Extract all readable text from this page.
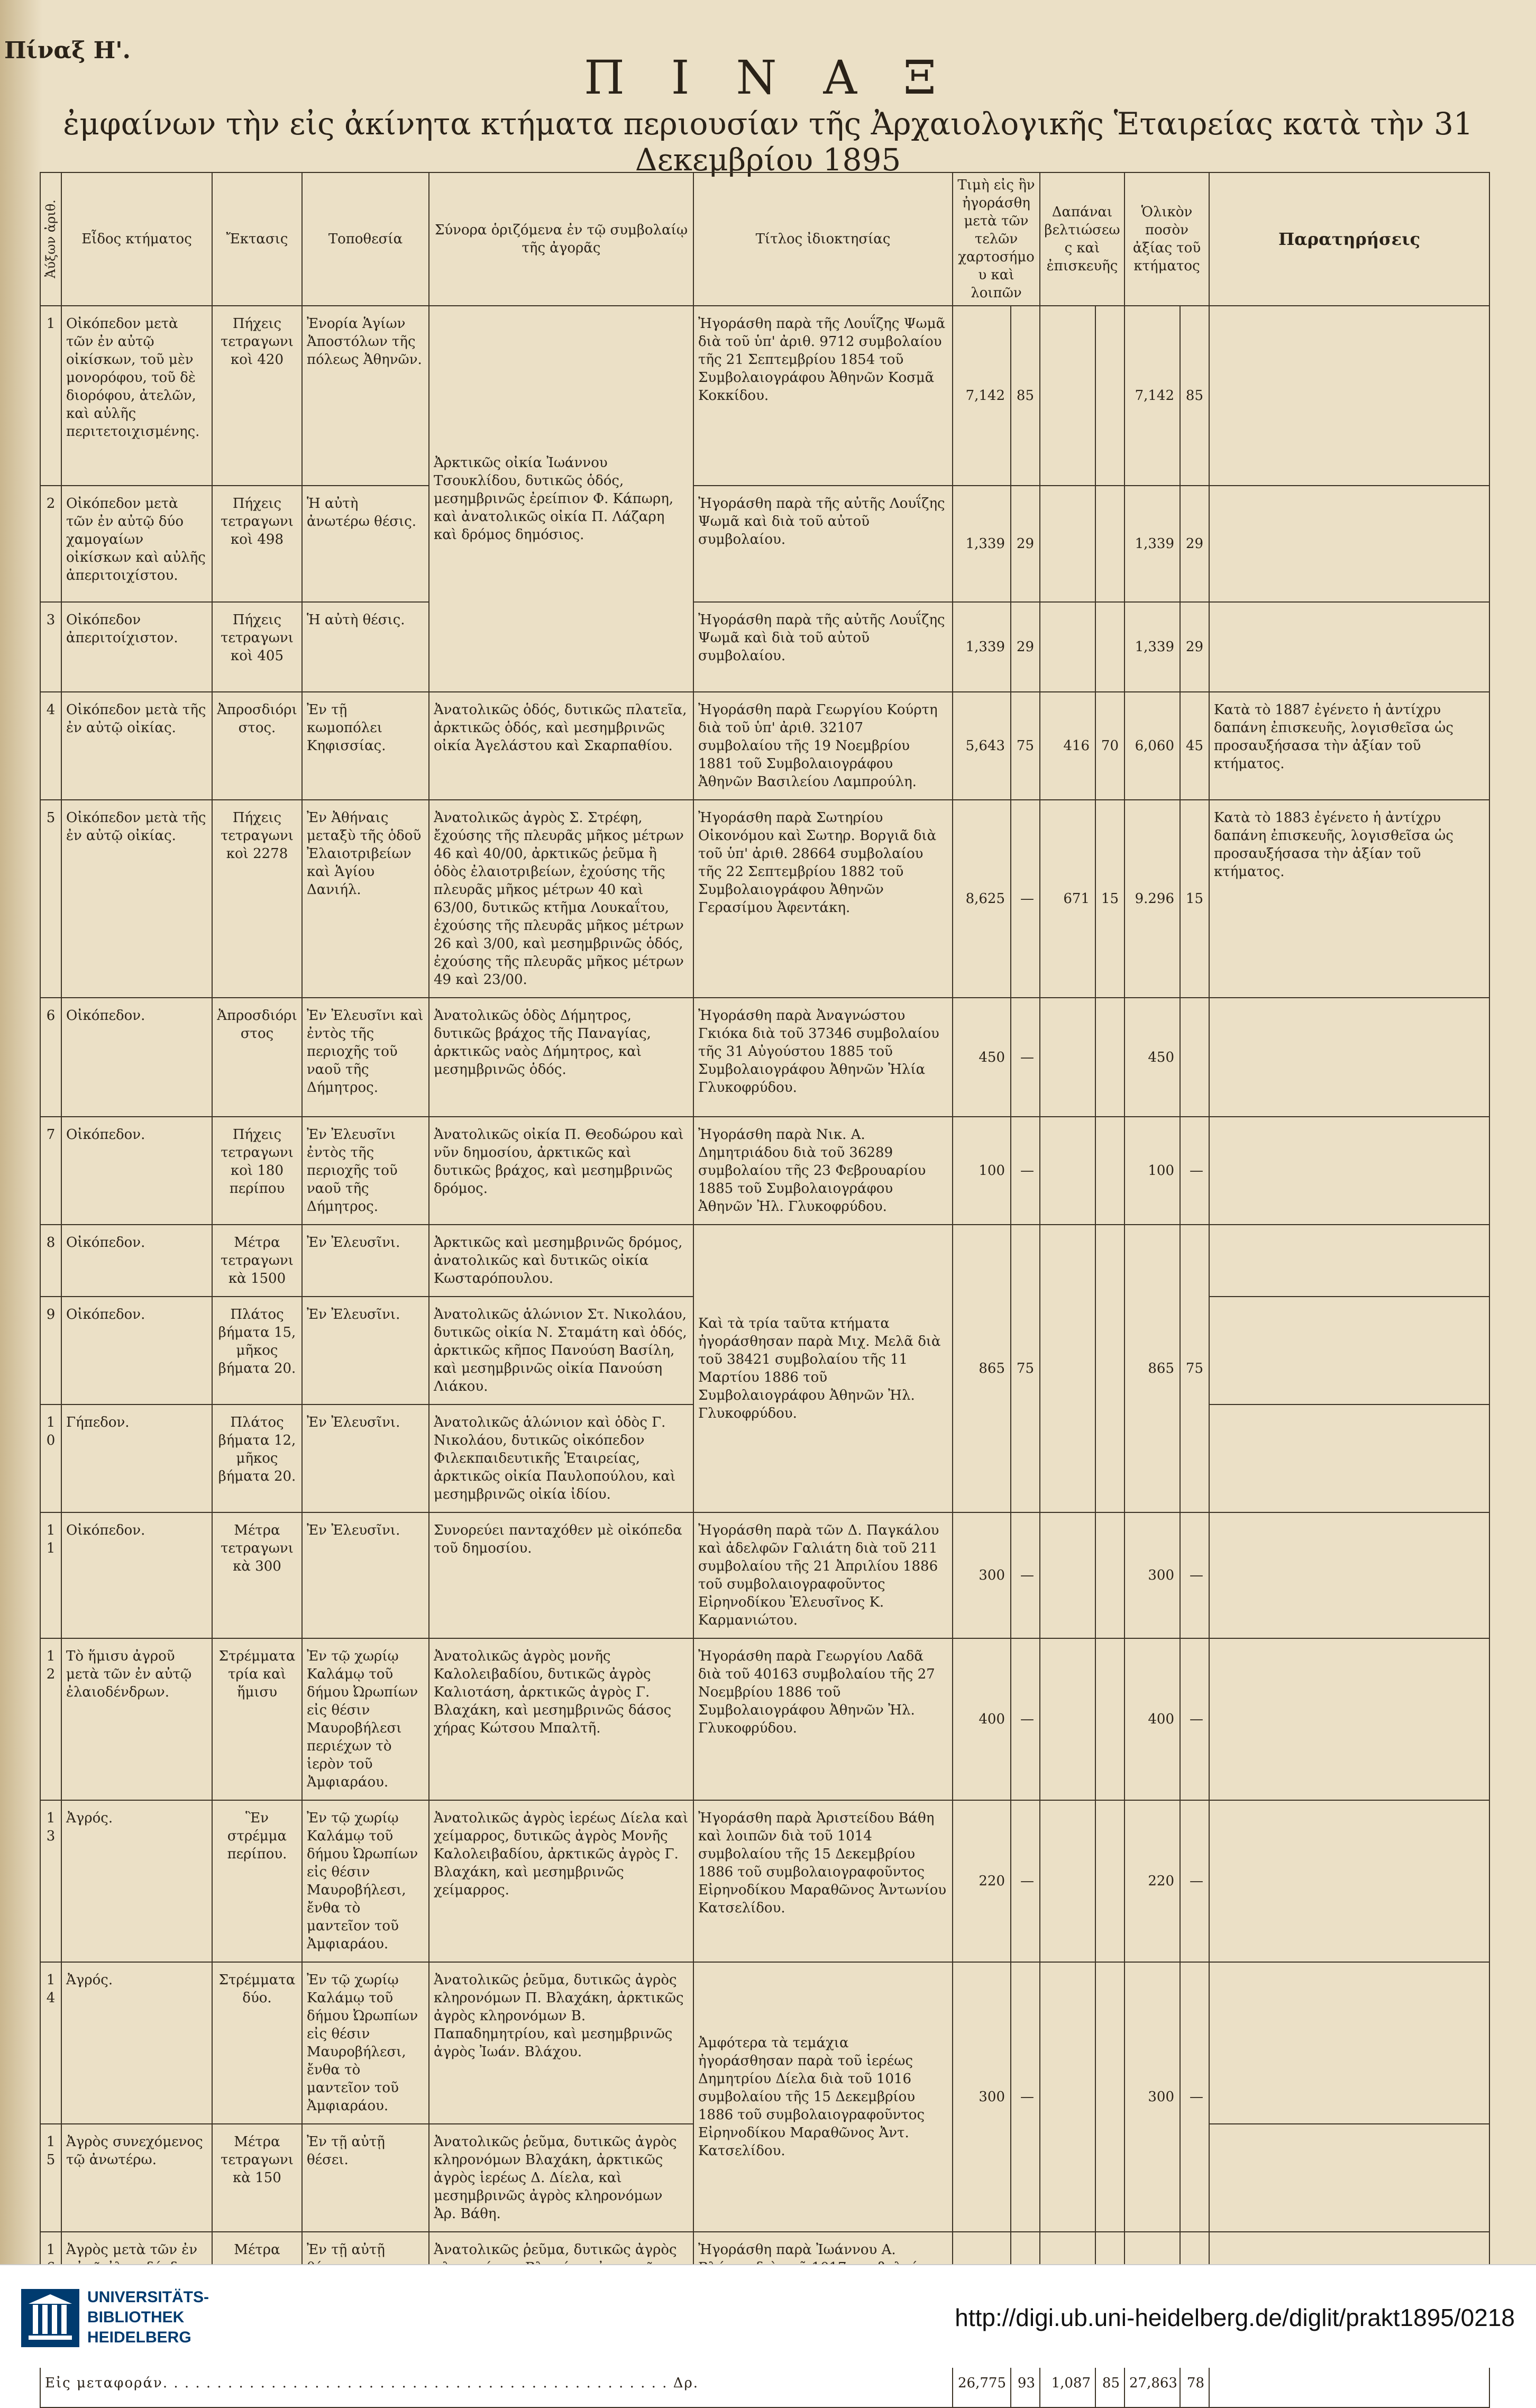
Πίναξ Η'.	Π Ι Ν Α Ξ
ἐμφαίνων τὴν εἰς ἀκίνητα κτήματα περιουσίαν τῆς Ἀρχαιολογικῆς Ἑταιρείας κατὰ τὴν 31 Δεκεμβρίου 1895
Ἀύξων ἀριθ.	Εἶδος κτήματος	Ἔκτασις	Τοποθεσία	Σύνορα ὁριζόμενα ἐν τῷ συμβολαίῳ τῆς ἀγορᾶς	Τίτλος ἰδιοκτησίας	Τιμὴ εἰς ἣν ἠγοράσθη μετὰ τῶν τελῶν χαρτοσήμου καὶ λοιπῶν		Δαπάναι βελτιώσεως καὶ ἐπισκευῆς		Ὁλικὸν ποσὸν ἀξίας τοῦ κτήματος		Παρατηρήσεις
1	Οἰκόπεδον μετὰ τῶν ἐν αὐτῷ οἰκίσκων, τοῦ μὲν μονορόφου, τοῦ δὲ διορόφου, ἀτελῶν, καὶ αὐλῆς περιτετοιχισμένης.	Πήχεις τετραγωνικοὶ 420	Ἐνορία Ἁγίων Ἀποστόλων τῆς πόλεως Ἀθηνῶν.	Ἀρκτικῶς οἰκία Ἰωάννου Τσουκλίδου, δυτικῶς ὁδός, μεσημβρινῶς ἐρείπιον Φ. Κάπωρη, καὶ ἀνατολικῶς οἰκία Π. Λάζαρη καὶ δρόμος δημόσιος.	Ἠγοράσθη παρὰ τῆς Λουΐζης Ψωμᾶ διὰ τοῦ ὑπ' ἀριθ. 9712 συμβολαίου τῆς 21 Σεπτεμβρίου 1854 τοῦ Συμβολαιογράφου Ἀθηνῶν Κοσμᾶ Κοκκίδου.	7,142	85			7,142	85	
2	Οἰκόπεδον μετὰ τῶν ἐν αὐτῷ δύο χαμογαίων οἰκίσκων καὶ αὐλῆς ἀπεριτοιχίστου.	Πήχεις τετραγωνικοὶ 498	Ἡ αὐτὴ ἀνωτέρω θέσις.		Ἠγοράσθη παρὰ τῆς αὐτῆς Λουΐζης Ψωμᾶ καὶ διὰ τοῦ αὐτοῦ συμβολαίου.	1,339	29			1,339	29	
3	Οἰκόπεδον ἀπεριτοίχιστον.	Πήχεις τετραγωνικοὶ 405	Ἡ αὐτὴ θέσις.		Ἠγοράσθη παρὰ τῆς αὐτῆς Λουΐζης Ψωμᾶ καὶ διὰ τοῦ αὐτοῦ συμβολαίου.	1,339	29			1,339	29	
4	Οἰκόπεδον μετὰ τῆς ἐν αὐτῷ οἰκίας.	Ἀπροσδιόριστος.	Ἐν τῇ κωμοπόλει Κηφισσίας.	Ἀνατολικῶς ὁδός, δυτικῶς πλατεῖα, ἀρκτικῶς ὁδός, καὶ μεσημβρινῶς οἰκία Ἀγελάστου καὶ Σκαρπαθίου.	Ἠγοράσθη παρὰ Γεωργίου Κούρτη διὰ τοῦ ὑπ' ἀριθ. 32107 συμβολαίου τῆς 19 Νοεμβρίου 1881 τοῦ Συμβολαιογράφου Ἀθηνῶν Βασιλείου Λαμπρούλη.	5,643	75	416	70	6,060	45	Κατὰ τὸ 1887 ἐγένετο ἡ ἀντίχρυ δαπάνη ἐπισκευῆς, λογισθεῖσα ὡς προσαυξήσασα τὴν ἀξίαν τοῦ κτήματος.
5	Οἰκόπεδον μετὰ τῆς ἐν αὐτῷ οἰκίας.	Πήχεις τετραγωνικοὶ 2278	Ἐν Ἀθήναις μεταξὺ τῆς ὁδοῦ Ἐλαιοτριβείων καὶ Ἁγίου Δανιήλ.	Ἀνατολικῶς ἀγρὸς Σ. Στρέφη, ἔχούσης τῆς πλευρᾶς μῆκος μέτρων 46 καὶ 40/00, ἀρκτικῶς ῥεῦμα ἢ ὁδὸς ἐλαιοτριβείων, ἐχούσης τῆς πλευρᾶς μῆκος μέτρων 40 καὶ 63/00, δυτικῶς κτῆμα Λουκαΐτου, ἐχούσης τῆς πλευρᾶς μῆκος μέτρων 26 καὶ 3/00, καὶ μεσημβρινῶς ὁδός, ἐχούσης τῆς πλευρᾶς μῆκος μέτρων 49 καὶ 23/00.	Ἠγοράσθη παρὰ Σωτηρίου Οἰκονόμου καὶ Σωτηρ. Βοργιᾶ διὰ τοῦ ὑπ' ἀριθ. 28664 συμβολαίου τῆς 22 Σεπτεμβρίου 1882 τοῦ Συμβολαιογράφου Ἀθηνῶν Γερασίμου Ἀφεντάκη.	8,625	—	671	15	9.296	15	Κατὰ τὸ 1883 ἐγένετο ἡ ἀντίχρυ δαπάνη ἐπισκευῆς, λογισθεῖσα ὡς προσαυξήσασα τὴν ἀξίαν τοῦ κτήματος.
6	Οἰκόπεδον.	Ἀπροσδιόριστος	Ἐν Ἐλευσῖνι καὶ ἐντὸς τῆς περιοχῆς τοῦ ναοῦ τῆς Δήμητρος.	Ἀνατολικῶς ὁδὸς Δήμητρος, δυτικῶς βράχος τῆς Παναγίας, ἀρκτικῶς ναὸς Δήμητρος, καὶ μεσημβρινῶς ὁδός.	Ἠγοράσθη παρὰ Ἀναγνώστου Γκιόκα διὰ τοῦ 37346 συμβολαίου τῆς 31 Αὐγούστου 1885 τοῦ Συμβολαιογράφου Ἀθηνῶν Ἠλία Γλυκοφρύδου.	450	—			450		
7	Οἰκόπεδον.	Πήχεις τετραγωνικοὶ 180 περίπου	Ἐν Ἐλευσῖνι ἐντὸς τῆς περιοχῆς τοῦ ναοῦ τῆς Δήμητρος.	Ἀνατολικῶς οἰκία Π. Θεοδώρου καὶ νῦν δημοσίου, ἀρκτικῶς καὶ δυτικῶς βράχος, καὶ μεσημβρινῶς δρόμος.	Ἠγοράσθη παρὰ Νικ. Α. Δημητριάδου διὰ τοῦ 36289 συμβολαίου τῆς 23 Φεβρουαρίου 1885 τοῦ Συμβολαιογράφου Ἀθηνῶν Ἠλ. Γλυκοφρύδου.	100	—			100	—	
8	Οἰκόπεδον.	Μέτρα τετραγωνικὰ 1500	Ἐν Ἐλευσῖνι.	Ἀρκτικῶς καὶ μεσημβρινῶς δρόμος, ἀνατολικῶς καὶ δυτικῶς οἰκία Κωσταρόπουλου.	Καὶ τὰ τρία ταῦτα κτήματα ἠγοράσθησαν παρὰ Μιχ. Μελᾶ διὰ τοῦ 38421 συμβολαίου τῆς 11 Μαρτίου 1886 τοῦ Συμβολαιογράφου Ἀθηνῶν Ἠλ. Γλυκοφρύδου.	865	75			865	75	
9	Οἰκόπεδον.	Πλάτος βήματα 15, μῆκος βήματα 20.	Ἐν Ἐλευσῖνι.	Ἀνατολικῶς ἁλώνιον Στ. Νικολάου, δυτικῶς οἰκία Ν. Σταμάτη καὶ ὁδός, ἀρκτικῶς κῆπος Πανούση Βασίλη, καὶ μεσημβρινῶς οἰκία Πανούση Λιάκου.								
10	Γήπεδον.	Πλάτος βήματα 12, μῆκος βήματα 20.	Ἐν Ἐλευσῖνι.	Ἀνατολικῶς ἁλώνιον καὶ ὁδὸς Γ. Νικολάου, δυτικῶς οἰκόπεδον Φιλεκπαιδευτικῆς Ἑταιρείας, ἀρκτικῶς οἰκία Παυλοπούλου, καὶ μεσημβρινῶς οἰκία ἰδίου.								
11	Οἰκόπεδον.	Μέτρα τετραγωνικὰ 300	Ἐν Ἐλευσῖνι.	Συνορεύει πανταχόθεν μὲ οἰκόπεδα τοῦ δημοσίου.	Ἠγοράσθη παρὰ τῶν Δ. Παγκάλου καὶ ἀδελφῶν Γαλιάτη διὰ τοῦ 211 συμβολαίου τῆς 21 Ἀπριλίου 1886 τοῦ συμβολαιογραφοῦντος Εἰρηνοδίκου Ἐλευσῖνος Κ. Καρμανιώτου.	300	—			300	—	
12	Τὸ ἥμισυ ἀγροῦ μετὰ τῶν ἐν αὐτῷ ἐλαιοδένδρων.	Στρέμματα τρία καὶ ἥμισυ	Ἐν τῷ χωρίῳ Καλάμῳ τοῦ δήμου Ὠρωπίων εἰς θέσιν Μαυροβήλεσι περιέχων τὸ ἱερὸν τοῦ Ἀμφιαράου.	Ἀνατολικῶς ἀγρὸς μονῆς Καλολειβαδίου, δυτικῶς ἀγρὸς Καλιοτάση, ἀρκτικῶς ἀγρὸς Γ. Βλαχάκη, καὶ μεσημβρινῶς δάσος χήρας Κώτσου Μπαλτῆ.	Ἠγοράσθη παρὰ Γεωργίου Λαδᾶ διὰ τοῦ 40163 συμβολαίου τῆς 27 Νοεμβρίου 1886 τοῦ Συμβολαιογράφου Ἀθηνῶν Ἠλ. Γλυκοφρύδου.	400	—			400	—	
13	Ἀγρός.	Ἓν στρέμμα περίπου.	Ἐν τῷ χωρίῳ Καλάμῳ τοῦ δήμου Ὠρωπίων εἰς θέσιν Μαυροβήλεσι, ἔνθα τὸ μαντεῖον τοῦ Ἀμφιαράου.	Ἀνατολικῶς ἀγρὸς ἱερέως Δίελα καὶ χείμαρρος, δυτικῶς ἀγρὸς Μονῆς Καλολειβαδίου, ἀρκτικῶς ἀγρὸς Γ. Βλαχάκη, καὶ μεσημβρινῶς χείμαρρος.	Ἠγοράσθη παρὰ Ἀριστείδου Βάθη καὶ λοιπῶν διὰ τοῦ 1014 συμβολαίου τῆς 15 Δεκεμβρίου 1886 τοῦ συμβολαιογραφοῦντος Εἰρηνοδίκου Μαραθῶνος Ἀντωνίου Κατσελίδου.	220	—			220	—	
14	Ἀγρός.	Στρέμματα δύο.	Ἐν τῷ χωρίῳ Καλάμῳ τοῦ δήμου Ὠρωπίων εἰς θέσιν Μαυροβήλεσι, ἔνθα τὸ μαντεῖον τοῦ Ἀμφιαράου.	Ἀνατολικῶς ῥεῦμα, δυτικῶς ἀγρὸς κληρονόμων Π. Βλαχάκη, ἀρκτικῶς ἀγρὸς κληρονόμων Β. Παπαδημητρίου, καὶ μεσημβρινῶς ἀγρὸς Ἰωάν. Βλάχου.	Ἀμφότερα τὰ τεμάχια ἠγοράσθησαν παρὰ τοῦ ἱερέως Δημητρίου Δίελα διὰ τοῦ 1016 συμβολαίου τῆς 15 Δεκεμβρίου 1886 τοῦ συμβολαιογραφοῦντος Εἰρηνοδίκου Μαραθῶνος Ἀντ. Κατσελίδου.	300	—			300	—	
15	Ἀγρὸς συνεχόμενος τῷ ἀνωτέρω.	Μέτρα τετραγωνικὰ 150	Ἐν τῇ αὐτῇ θέσει.	Ἀνατολικῶς ῥεῦμα, δυτικῶς ἀγρὸς κληρονόμων Βλαχάκη, ἀρκτικῶς ἀγρὸς ἱερέως Δ. Δίελα, καὶ μεσημβρινῶς ἀγρὸς κληρονόμων Ἀρ. Βάθη.								
1	Ἀγρὸς μετὰ τῶν ἐν	Μέτρα	Ἐν τῇ αὐτῇ	Ἀνατολικῶς ῥεῦμα, δυτικῶς ἀγρὸς	Ἠγοράσθη παρὰ Ἰωάννου Α.							
Εἰς μεταφοράν. . . . . . . . . . . . . . . . . . . . . . . . . . . . . . . . . . . . . . . . . . . . . . . Δρ.						26,775	93	1,087	85	27,863	78	
UNIVERSITÄTS-
BIBLIOTHEK
HEIDELBERG
http://digi.ub.uni-heidelberg.de/diglit/prakt1895/0218
